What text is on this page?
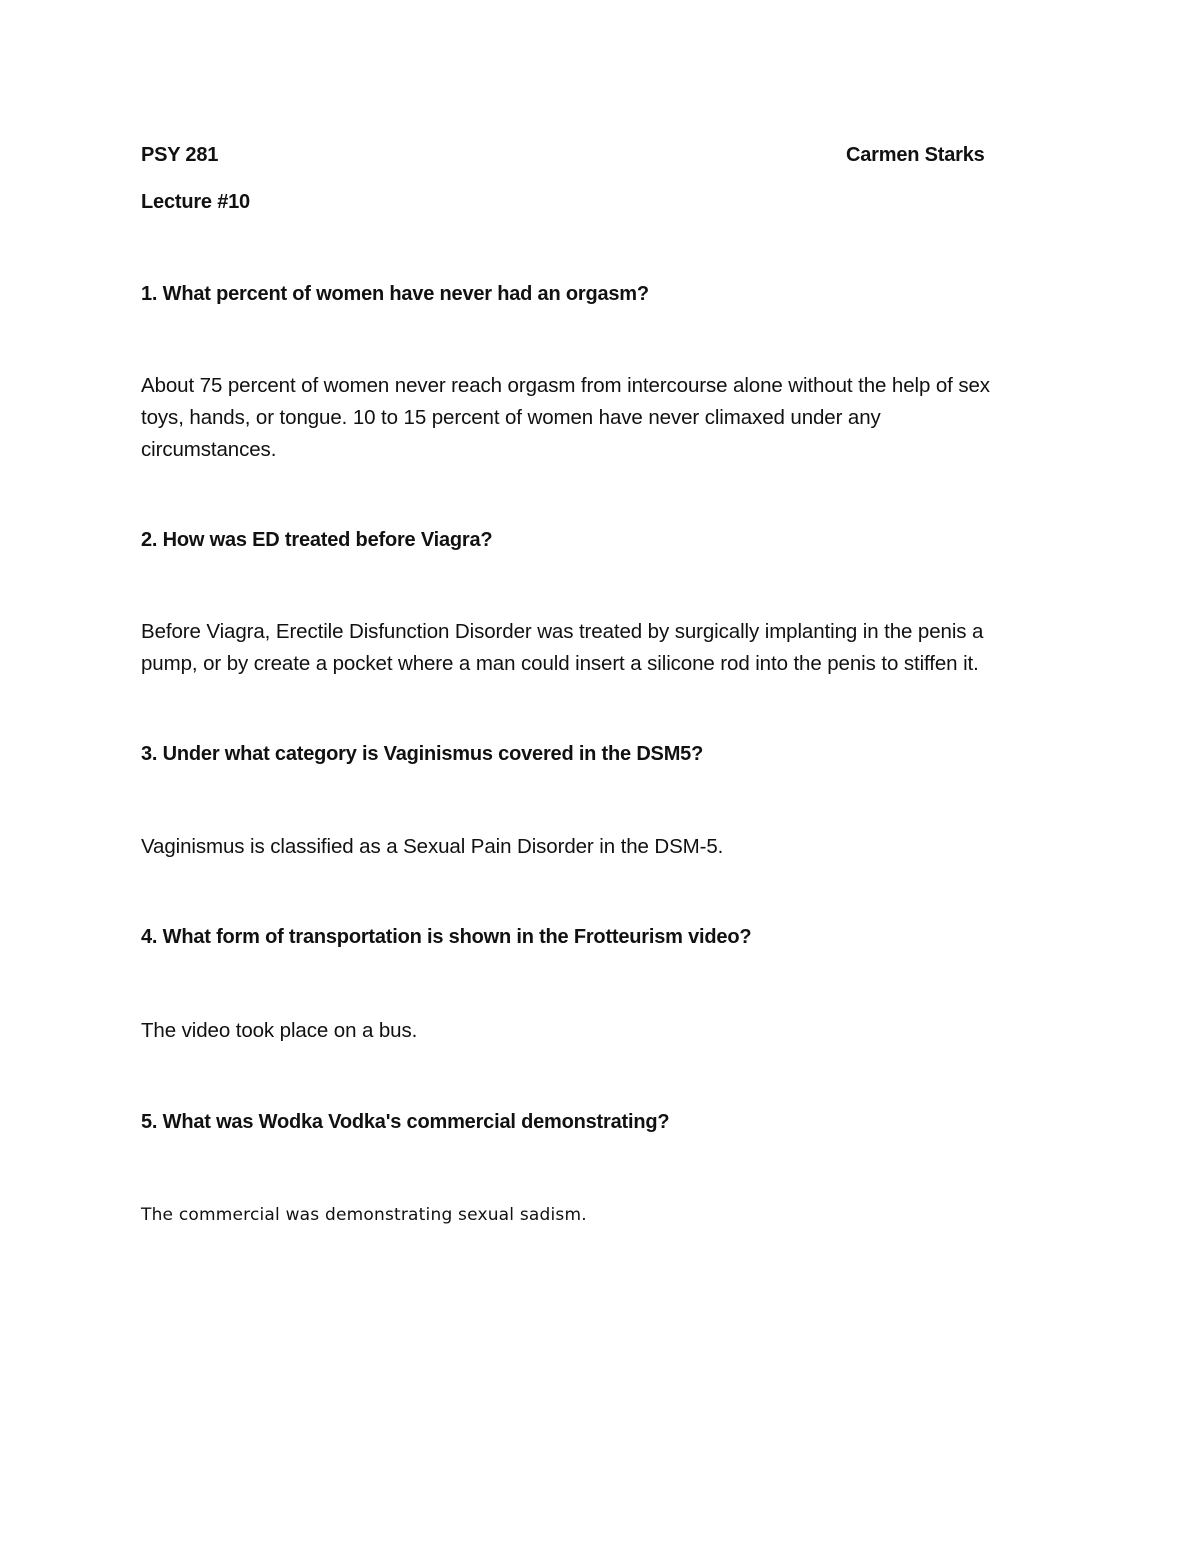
PSY 281	Carmen Starks

Lecture #10

1. What percent of women have never had an orgasm?

About 75 percent of women never reach orgasm from intercourse alone without the help of sex

toys, hands, or tongue. 10 to 15 percent of women have never climaxed under any

circumstances.

2. How was ED treated before Viagra?

Before Viagra, Erectile Disfunction Disorder was treated by surgically implanting in the penis a

pump, or by create a pocket where a man could insert a silicone rod into the penis to stiffen it.

3. Under what category is Vaginismus covered in the DSM5?

Vaginismus is classified as a Sexual Pain Disorder in the DSM-5.

4. What form of transportation is shown in the Frotteurism video?

The video took place on a bus.

5. What was Wodka Vodka's commercial demonstrating?

The commercial was demonstrating sexual sadism.
